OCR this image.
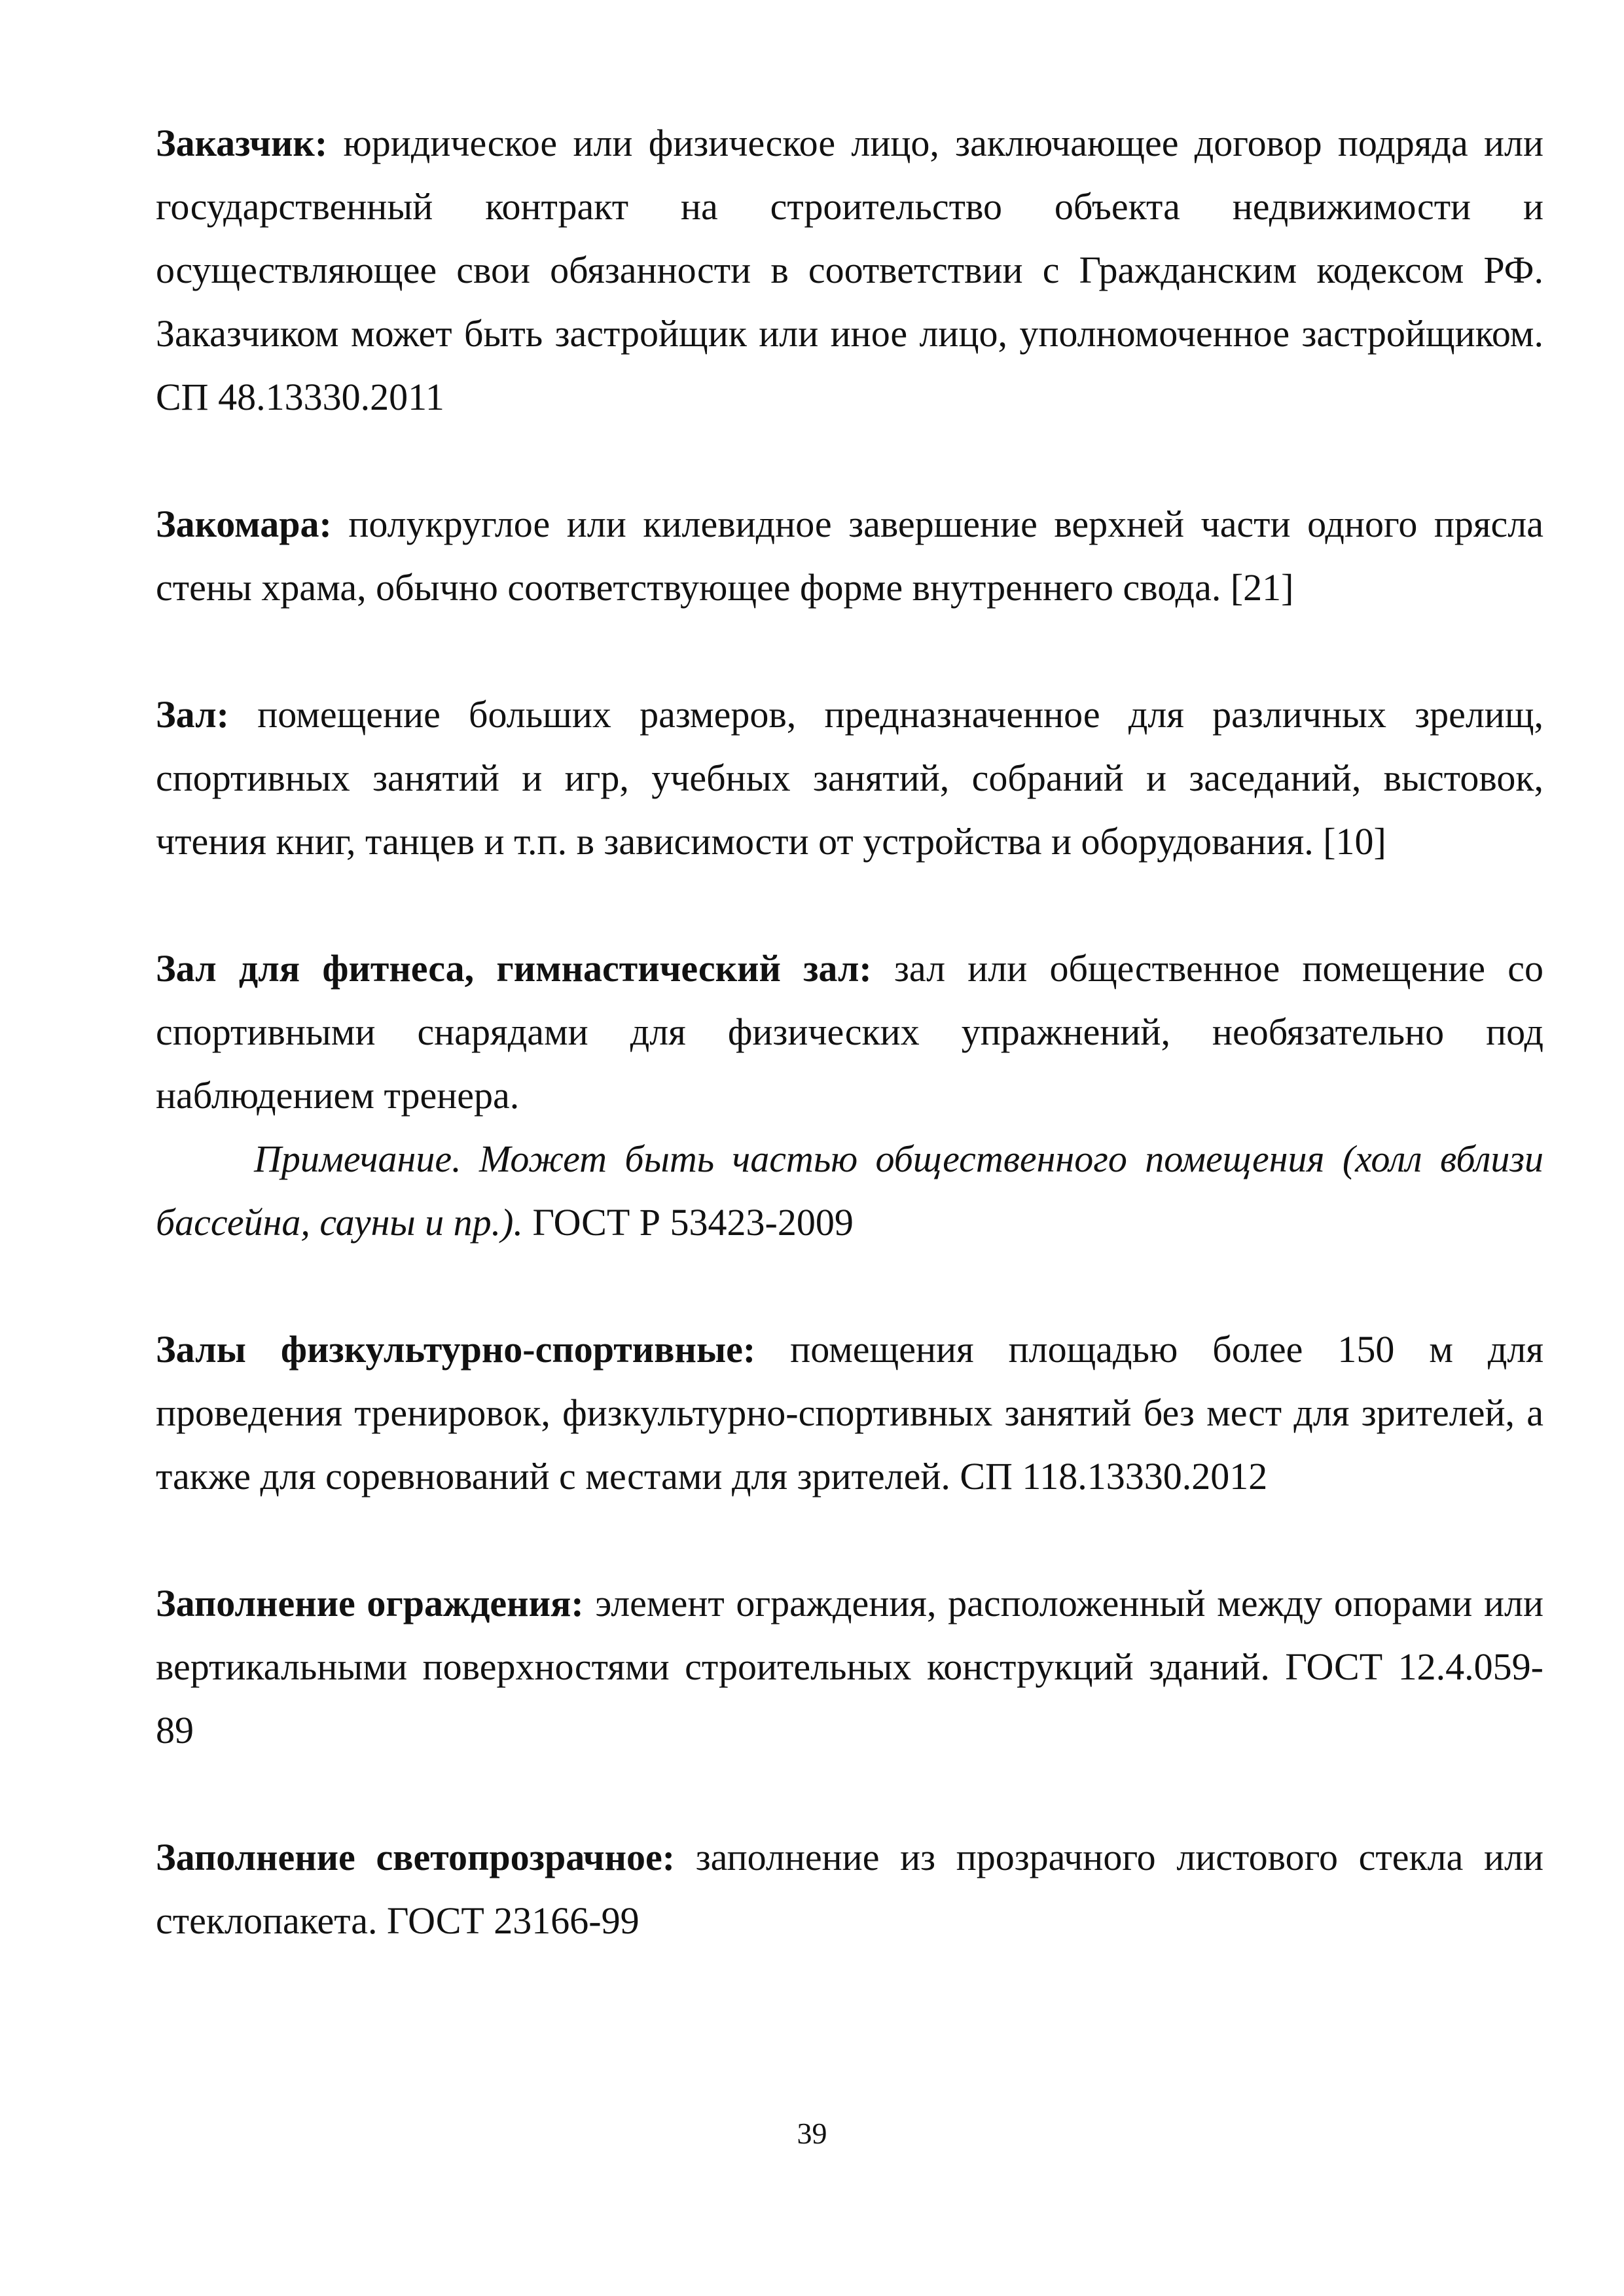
Заказчик: юридическое или физическое лицо, заключающее договор подряда или государственный контракт на строительство объекта недвижимости и осуществляющее свои обязанности в соответствии с Гражданским кодексом РФ. Заказчиком может быть застройщик или иное лицо, уполномоченное застройщиком. СП 48.13330.2011

Закомара: полукруглое или килевидное завершение верхней части одного прясла стены храма, обычно соответствующее форме внутреннего свода. [21]

Зал: помещение больших размеров, предназначенное для различных зрелищ, спортивных занятий и игр, учебных занятий, собраний и заседаний, выстовок, чтения книг, танцев и т.п. в зависимости от устройства и оборудования. [10]

Зал для фитнеса, гимнастический зал: зал или общественное помещение со спортивными снарядами для физических упражнений, необязательно под наблюдением тренера.

Примечание. Может быть частью общественного помещения (холл вблизи бассейна, сауны и пр.). ГОСТ Р 53423-2009

Залы физкультурно-спортивные: помещения площадью более 150 м для проведения тренировок, физкультурно-спортивных занятий без мест для зрителей, а также для соревнований с местами для зрителей. СП 118.13330.2012

Заполнение ограждения: элемент ограждения, расположенный между опорами или вертикальными поверхностями строительных конструкций зданий. ГОСТ 12.4.059-89

Заполнение светопрозрачное: заполнение из прозрачного листового стекла или стеклопакета. ГОСТ 23166-99

39
